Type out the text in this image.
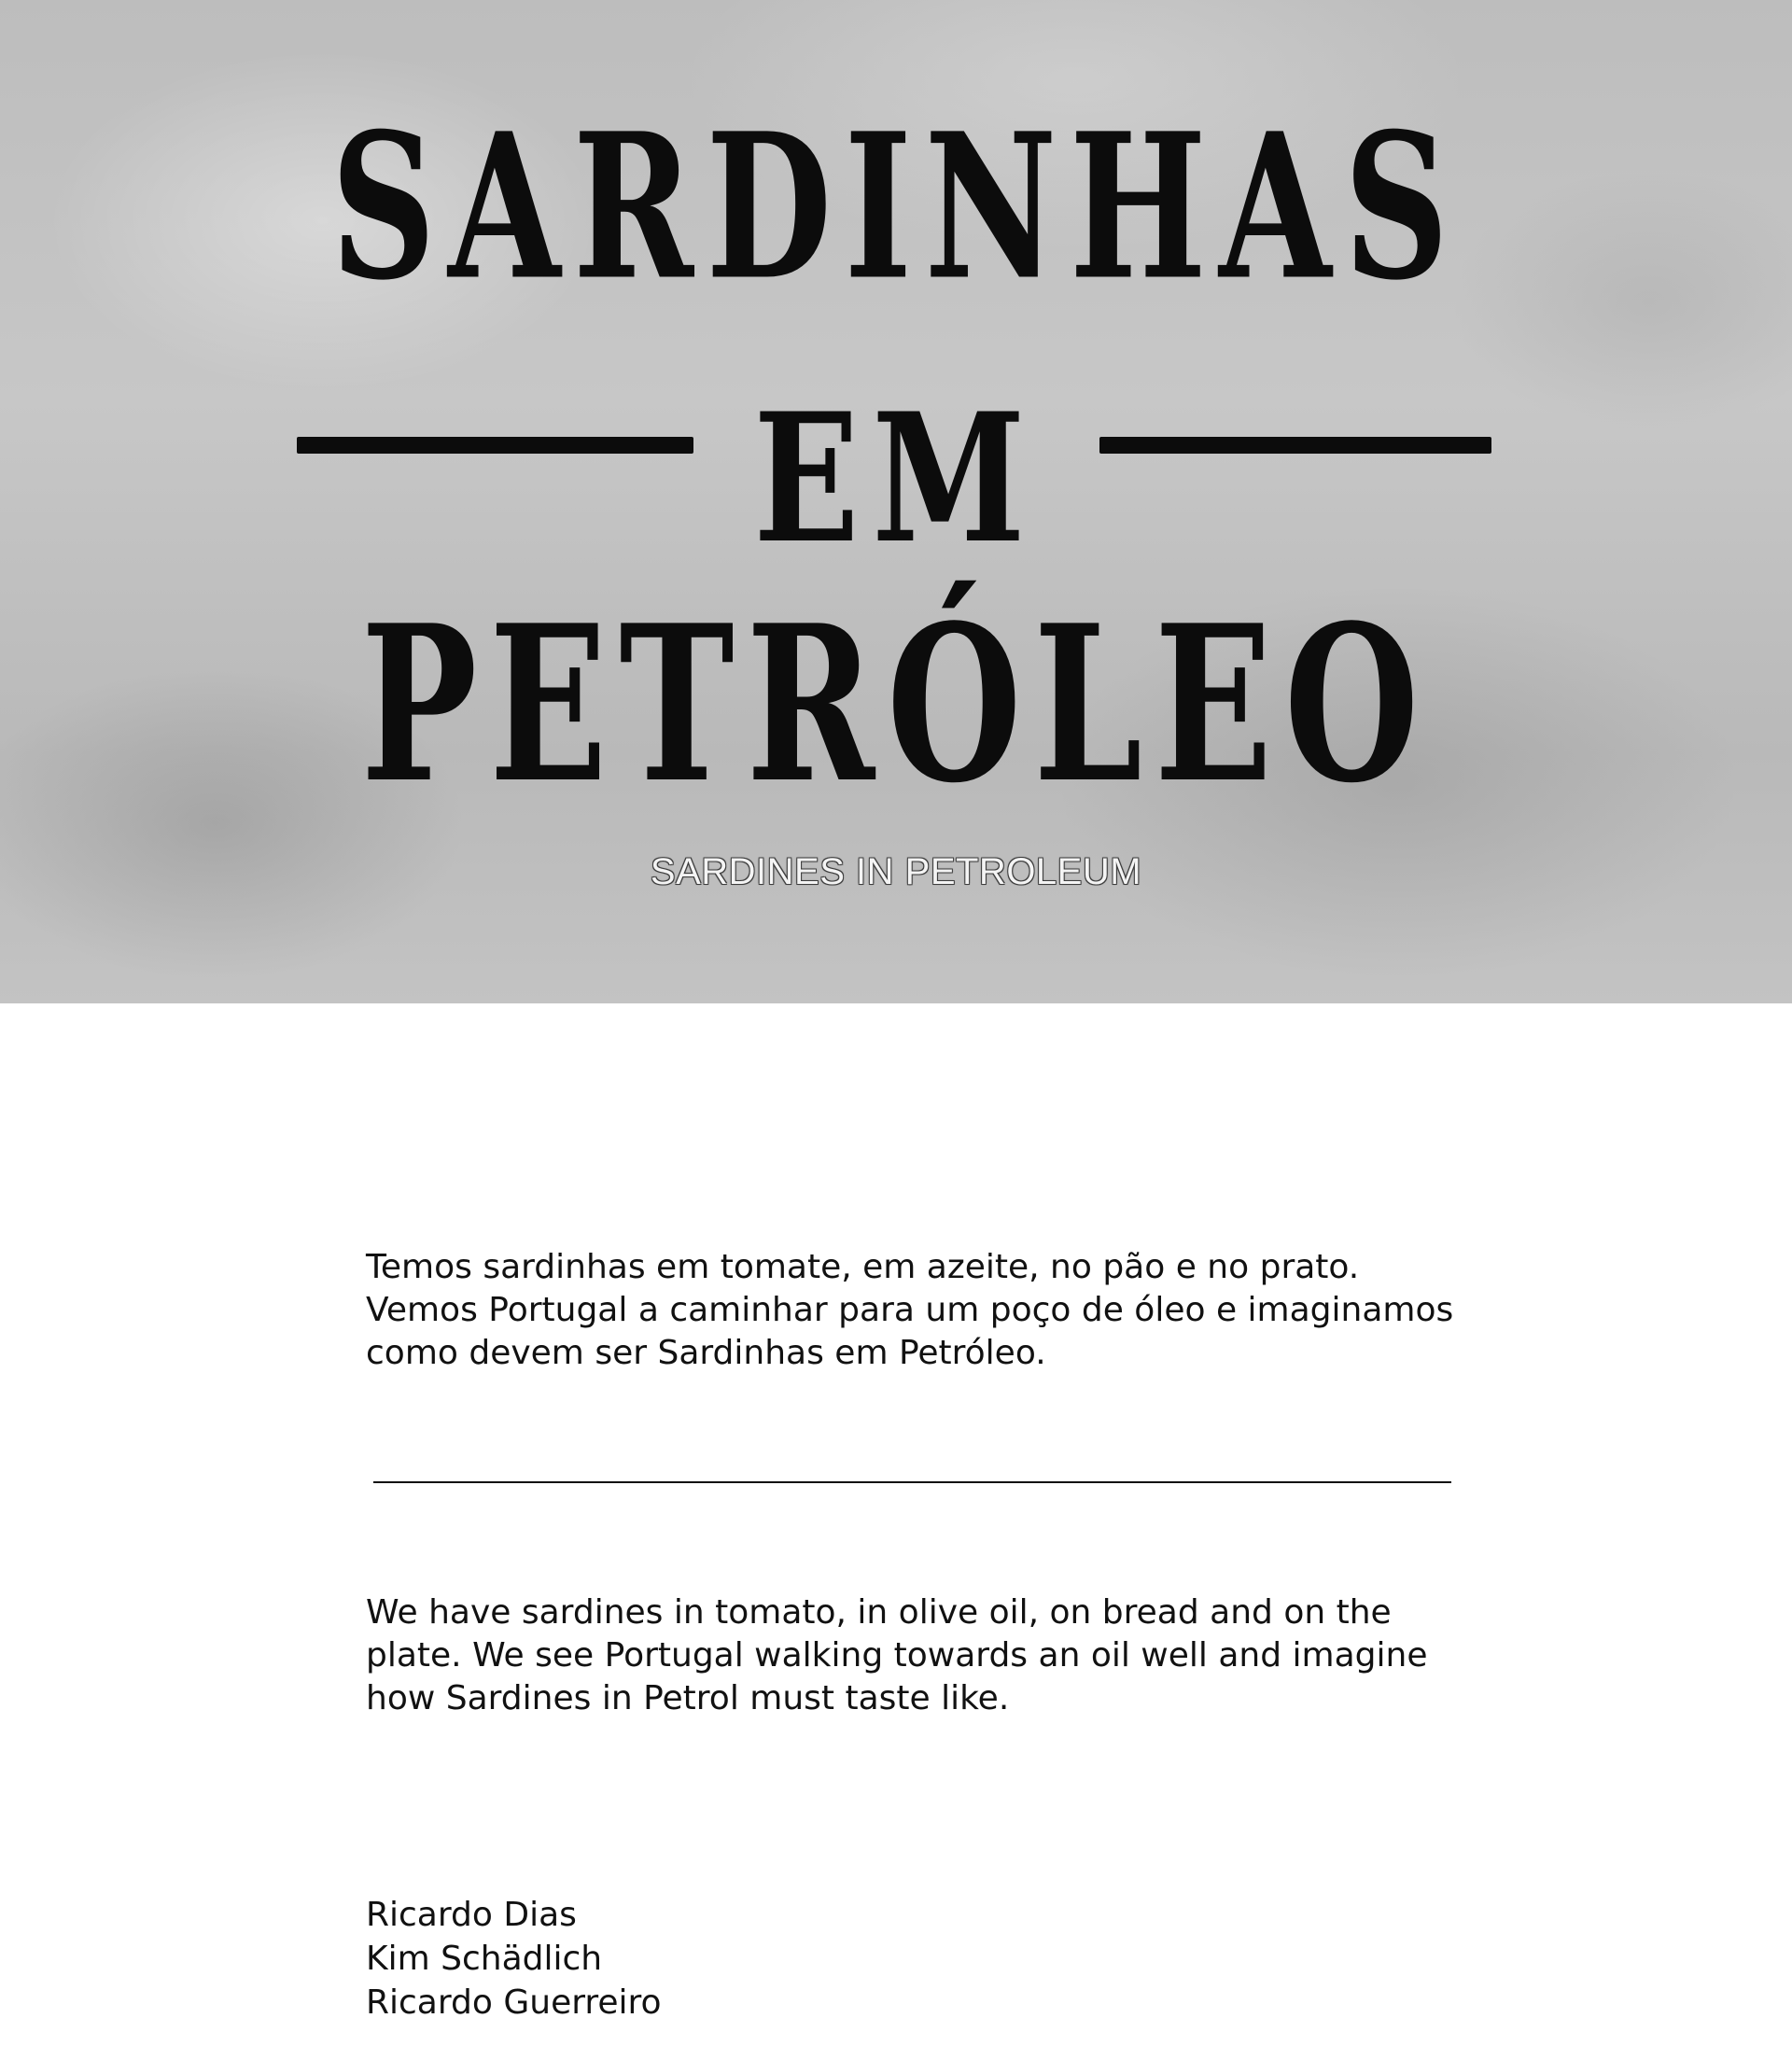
SARDINHAS
EM
PETRÓLEO
SARDINES IN PETROLEUM

Temos sardinhas em tomate, em azeite, no pão e no prato. Vemos Portugal a caminhar para um poço de óleo e imaginamos como devem ser Sardinhas em Petróleo.

We have sardines in tomato, in olive oil, on bread and on the plate. We see Portugal walking towards an oil well and imagine how Sardines in Petrol must taste like.

Ricardo Dias
Kim Schädlich
Ricardo Guerreiro
